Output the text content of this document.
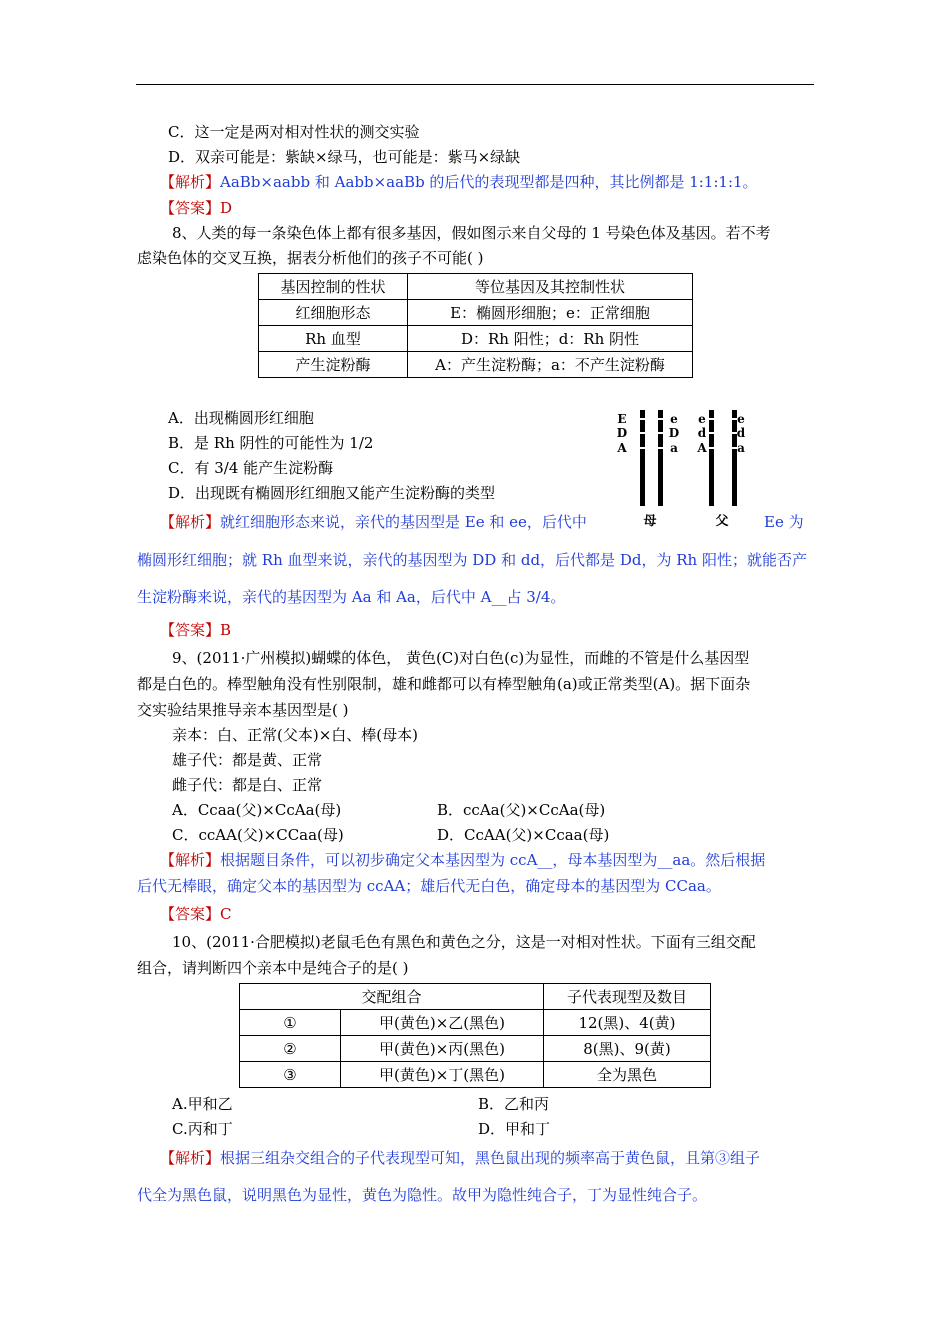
C．这一定是两对相对性状的测交实验
D．双亲可能是：紫缺×绿马，也可能是：紫马×绿缺
【解析】AaBb×aabb 和 Aabb×aaBb 的后代的表现型都是四种，其比例都是 1:1:1:1。
【答案】D
8、人类的每一条染色体上都有很多基因，假如图示来自父母的 1 号染色体及基因。若不考
虑染色体的交叉互换，据表分析他们的孩子不可能( )
基因控制的性状	等位基因及其控制性状
红细胞形态	E：椭圆形细胞；e：正常细胞
Rh 血型	D：Rh 阳性；d：Rh 阴性
产生淀粉酶	A：产生淀粉酶；a：不产生淀粉酶
A．出现椭圆形红细胞
B．是 Rh 阴性的可能性为 1/2
C．有 3/4 能产生淀粉酶
D．出现既有椭圆形红细胞又能产生淀粉酶的类型
E
D
A
e
D
a
e
d
A
e
d
a
母	父
【解析】就红细胞形态来说，亲代的基因型是 Ee 和 ee，后代中	Ee 为
椭圆形红细胞；就 Rh 血型来说，亲代的基因型为 DD 和 dd，后代都是 Dd，为 Rh 阳性；就能否产
生淀粉酶来说，亲代的基因型为 Aa 和 Aa，后代中 A__占 3/4。
【答案】B
9、(2011·广州模拟)蝴蝶的体色， 黄色(C)对白色(c)为显性，而雌的不管是什么基因型
都是白色的。棒型触角没有性别限制，雄和雌都可以有棒型触角(a)或正常类型(A)。据下面杂
交实验结果推导亲本基因型是( )
亲本：白、正常(父本)×白、棒(母本)
雄子代：都是黄、正常
雌子代：都是白、正常
A．Ccaa(父)×CcAa(母)	B．ccAa(父)×CcAa(母)
C．ccAA(父)×CCaa(母)	D．CcAA(父)×Ccaa(母)
【解析】根据题目条件，可以初步确定父本基因型为 ccA__，母本基因型为__aa。然后根据
后代无棒眼，确定父本的基因型为 ccAA；雄后代无白色，确定母本的基因型为 CCaa。
【答案】C
10、(2011·合肥模拟)老鼠毛色有黑色和黄色之分，这是一对相对性状。下面有三组交配
组合，请判断四个亲本中是纯合子的是( )
交配组合		子代表现型及数目
①	甲(黄色)×乙(黑色)	12(黑)、4(黄)
②	甲(黄色)×丙(黑色)	8(黑)、9(黄)
③	甲(黄色)×丁(黑色)	全为黑色
A.甲和乙	B．乙和丙
C.丙和丁	D．甲和丁
【解析】根据三组杂交组合的子代表现型可知，黑色鼠出现的频率高于黄色鼠，且第③组子
代全为黑色鼠，说明黑色为显性，黄色为隐性。故甲为隐性纯合子，丁为显性纯合子。
